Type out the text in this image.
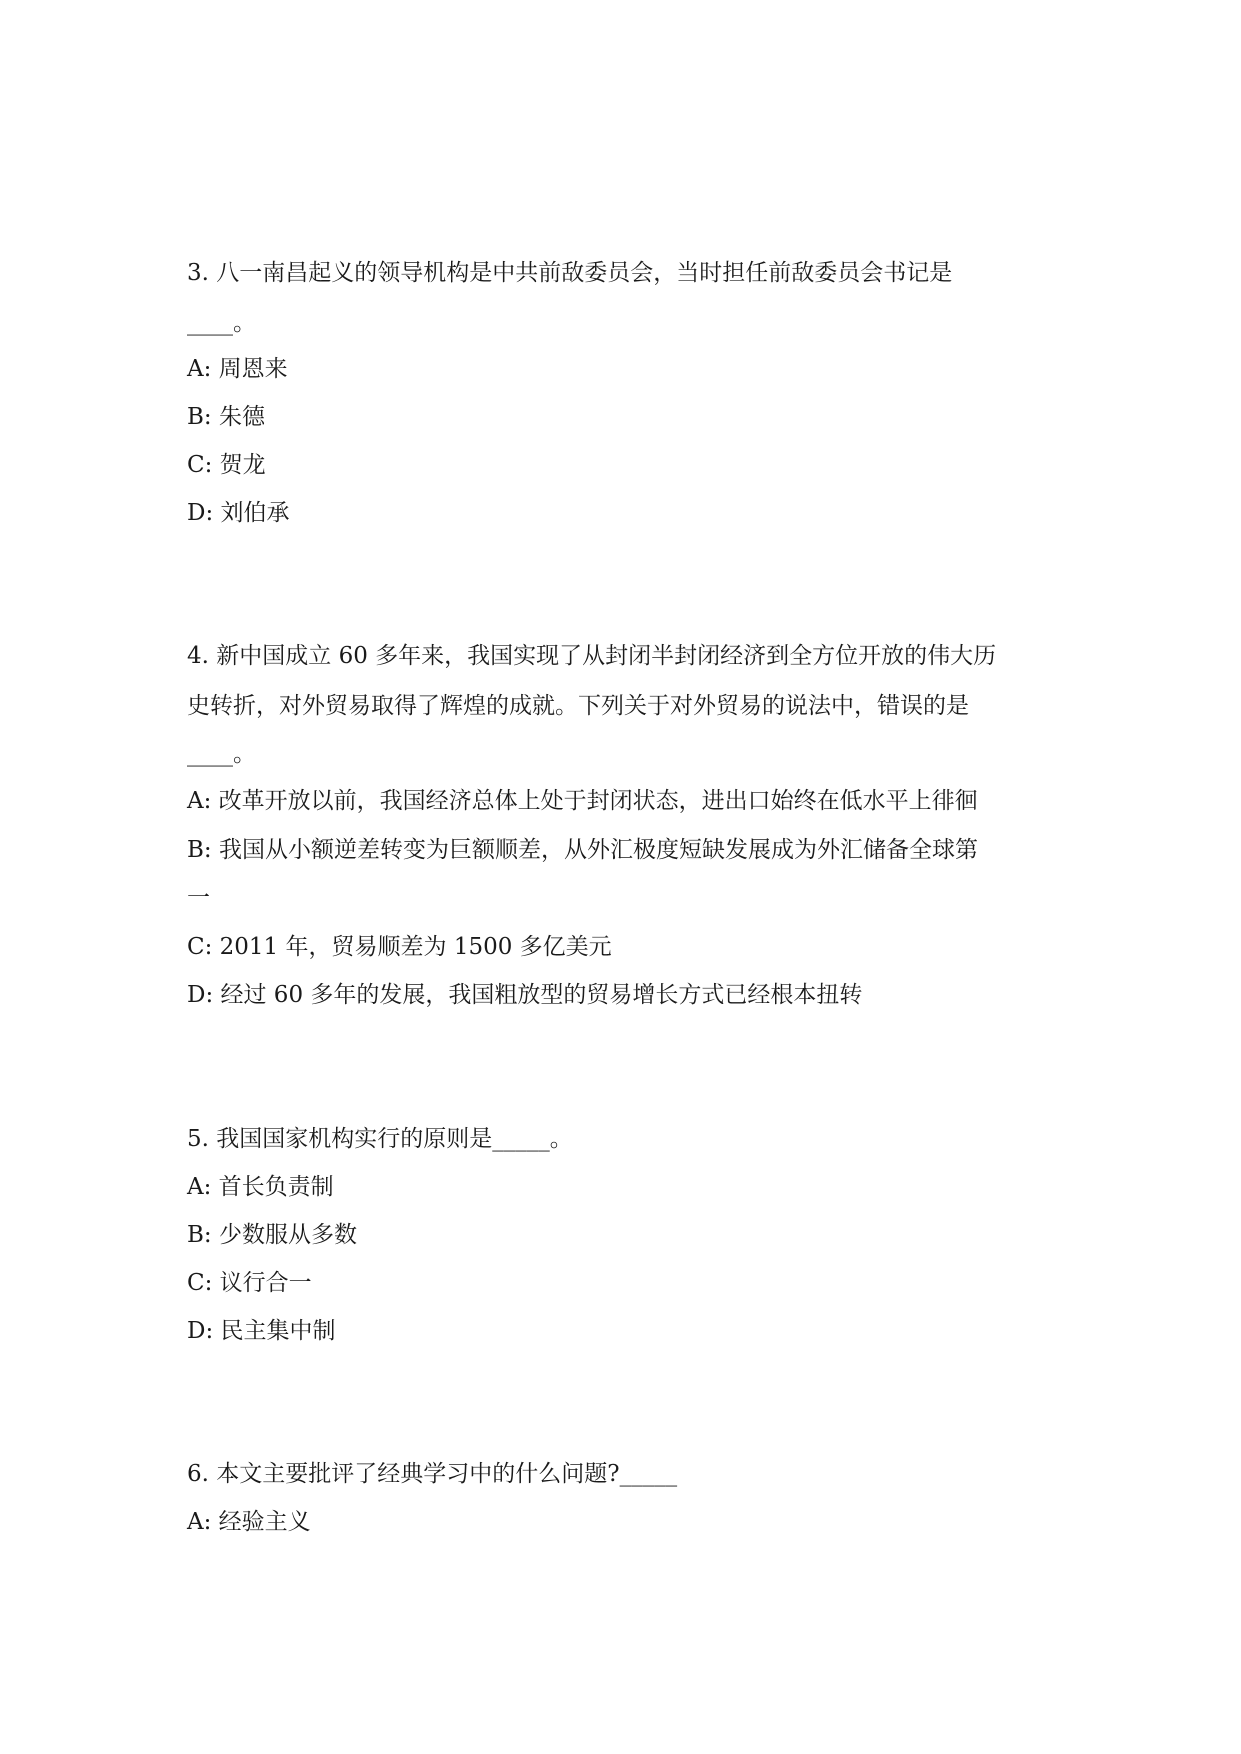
3. 八一南昌起义的领导机构是中共前敌委员会，当时担任前敌委员会书记是
____。
A: 周恩来
B: 朱德
C: 贺龙
D: 刘伯承
4. 新中国成立 60 多年来，我国实现了从封闭半封闭经济到全方位开放的伟大历
史转折，对外贸易取得了辉煌的成就。下列关于对外贸易的说法中，错误的是
____。
A: 改革开放以前，我国经济总体上处于封闭状态，进出口始终在低水平上徘徊
B: 我国从小额逆差转变为巨额顺差，从外汇极度短缺发展成为外汇储备全球第
一
C: 2011 年，贸易顺差为 1500 多亿美元
D: 经过 60 多年的发展，我国粗放型的贸易增长方式已经根本扭转
5. 我国国家机构实行的原则是_____。
A: 首长负责制
B: 少数服从多数
C: 议行合一
D: 民主集中制
6. 本文主要批评了经典学习中的什么问题?_____
A: 经验主义
